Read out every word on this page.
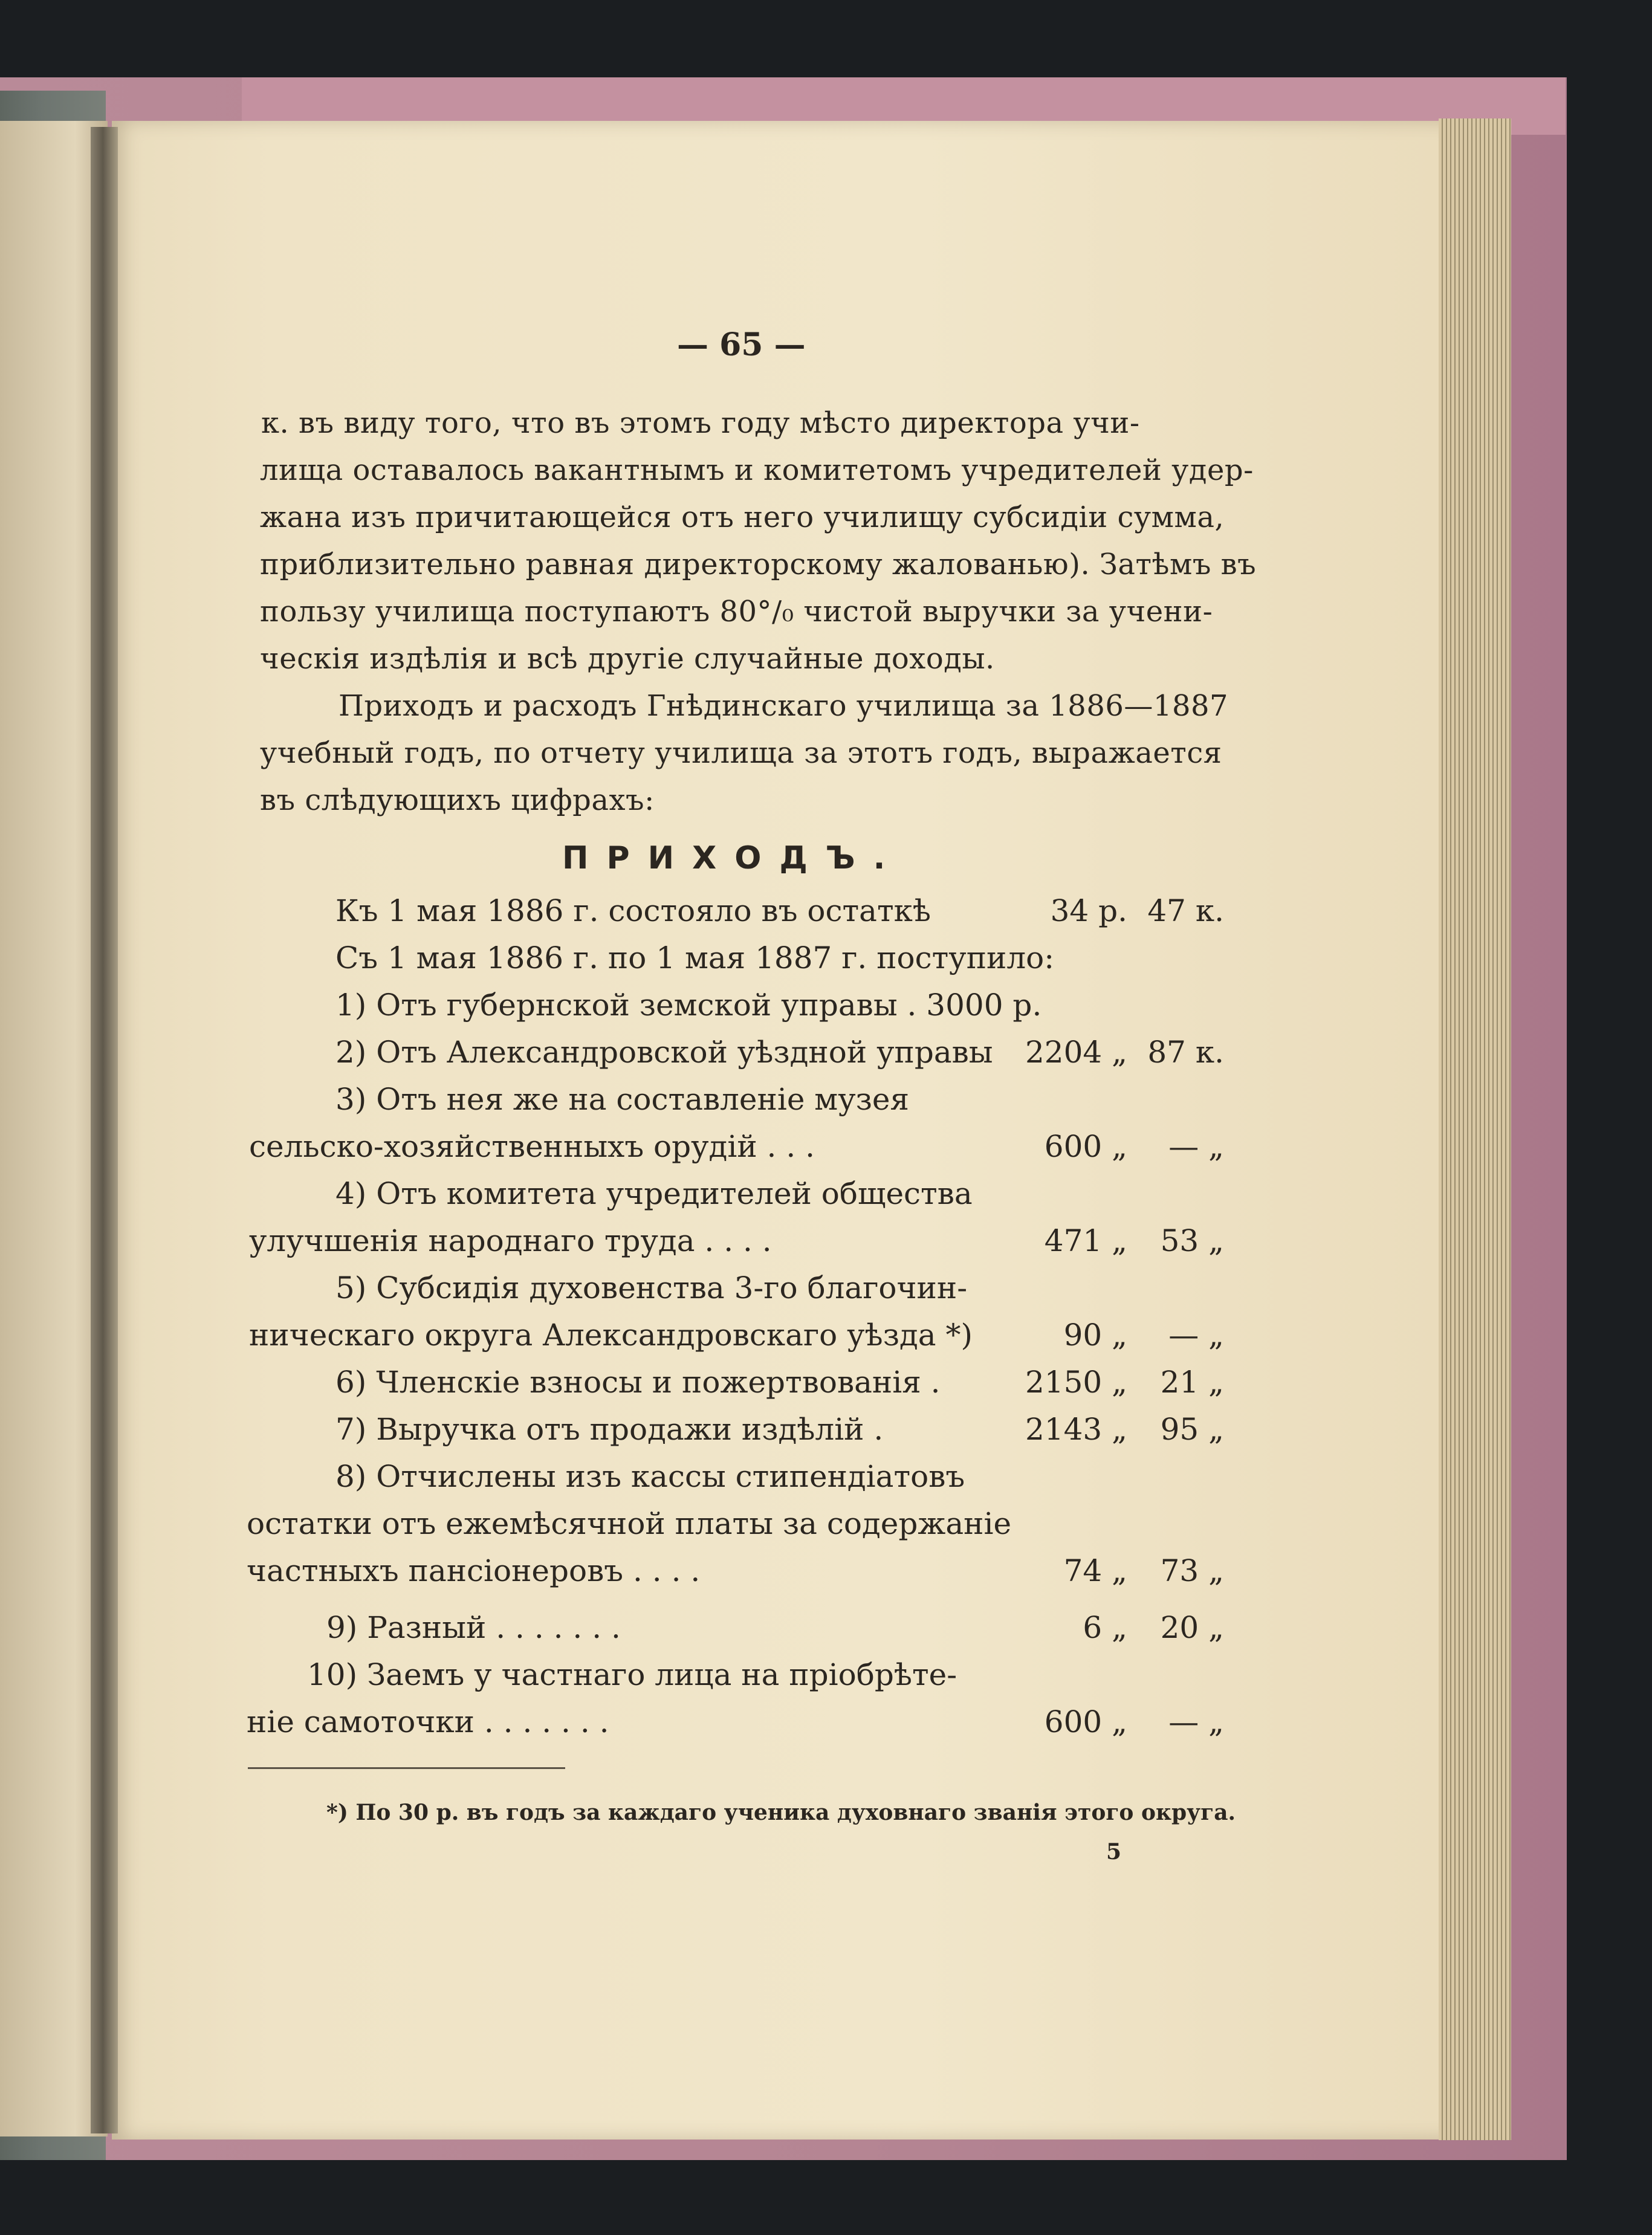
— 65 —
к. въ виду того, что въ этомъ году мѣсто директора учи-
лища оставалось вакантнымъ и комитетомъ учредителей удер-
жана изъ причитающейся отъ него училищу субсидіи сумма,
приблизительно равная директорскому жалованью). Затѣмъ въ
пользу училища поступаютъ 80°/₀ чистой выручки за учени-
ческія издѣлія и всѣ другіе случайные доходы.
Приходъ и расходъ Гнѣдинскаго училища за 1886—1887
учебный годъ, по отчету училища за этотъ годъ, выражается
въ слѣдующихъ цифрахъ:
ПРИХОДЪ.
Къ 1 мая 1886 г. состояло въ остаткѣ	34 р. 47 к.
Съ 1 мая 1886 г. по 1 мая 1887 г. поступило:
1) Отъ губернской земской управы . 3000 р.
2) Отъ Александровской уѣздной управы	2204 „ 87 к.
3) Отъ нея же на составленіе музея
сельско-хозяйственныхъ орудій . . .	600 „	— „
4) Отъ комитета учредителей общества
улучшенія народнаго труда . . . .	471 „	53 „
5) Субсидія духовенства 3-го благочин-
ническаго округа Александровскаго уѣзда *)	90 „	— „
6) Членскіе взносы и пожертвованія .	2150 „	21 „
7) Выручка отъ продажи издѣлій .	2143 „	95 „
8) Отчислены изъ кассы стипендіатовъ
остатки отъ ежемѣсячной платы за содержаніе
частныхъ пансіонеровъ . . . .	74 „	73 „
9) Разный . . . . . . .	6 „	20 „
10) Заемъ у частнаго лица на пріобрѣте-
ніе самоточки . . . . . . .	600 „	— „
*) По 30 р. въ годъ за каждаго ученика духовнаго званія этого округа.
5
